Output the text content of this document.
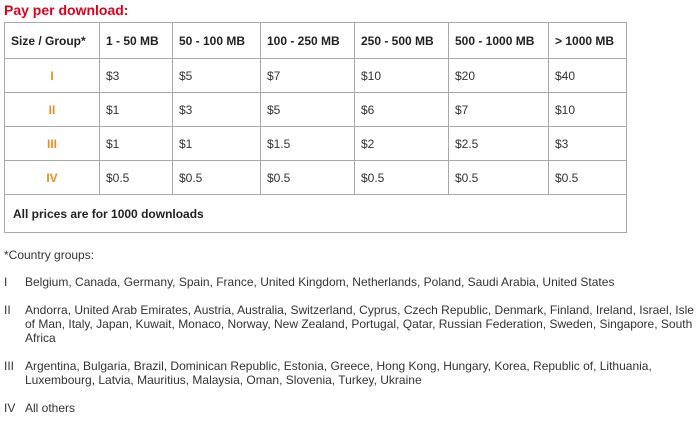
Pay per download:
Size / Group*	1 - 50 MB	50 - 100 MB	100 - 250 MB	250 - 500 MB	500 - 1000 MB	> 1000 MB
I	$3	$5	$7	$10	$20	$40
II	$1	$3	$5	$6	$7	$10
III	$1	$1	$1.5	$2	$2.5	$3
IV	$0.5	$0.5	$0.5	$0.5	$0.5	$0.5
All prices are for 1000 downloads						
*Country groups:
I	Belgium, Canada, Germany, Spain, France, United Kingdom, Netherlands, Poland, Saudi Arabia, United States
II	Andorra, United Arab Emirates, Austria, Australia, Switzerland, Cyprus, Czech Republic, Denmark, Finland, Ireland, Israel, Isle of Man, Italy, Japan, Kuwait, Monaco, Norway, New Zealand, Portugal, Qatar, Russian Federation, Sweden, Singapore, South Africa
III Argentina, Bulgaria, Brazil, Dominican Republic, Estonia, Greece, Hong Kong, Hungary, Korea, Republic of, Lithuania, Luxembourg, Latvia, Mauritius, Malaysia, Oman, Slovenia, Turkey, Ukraine
IV All others
